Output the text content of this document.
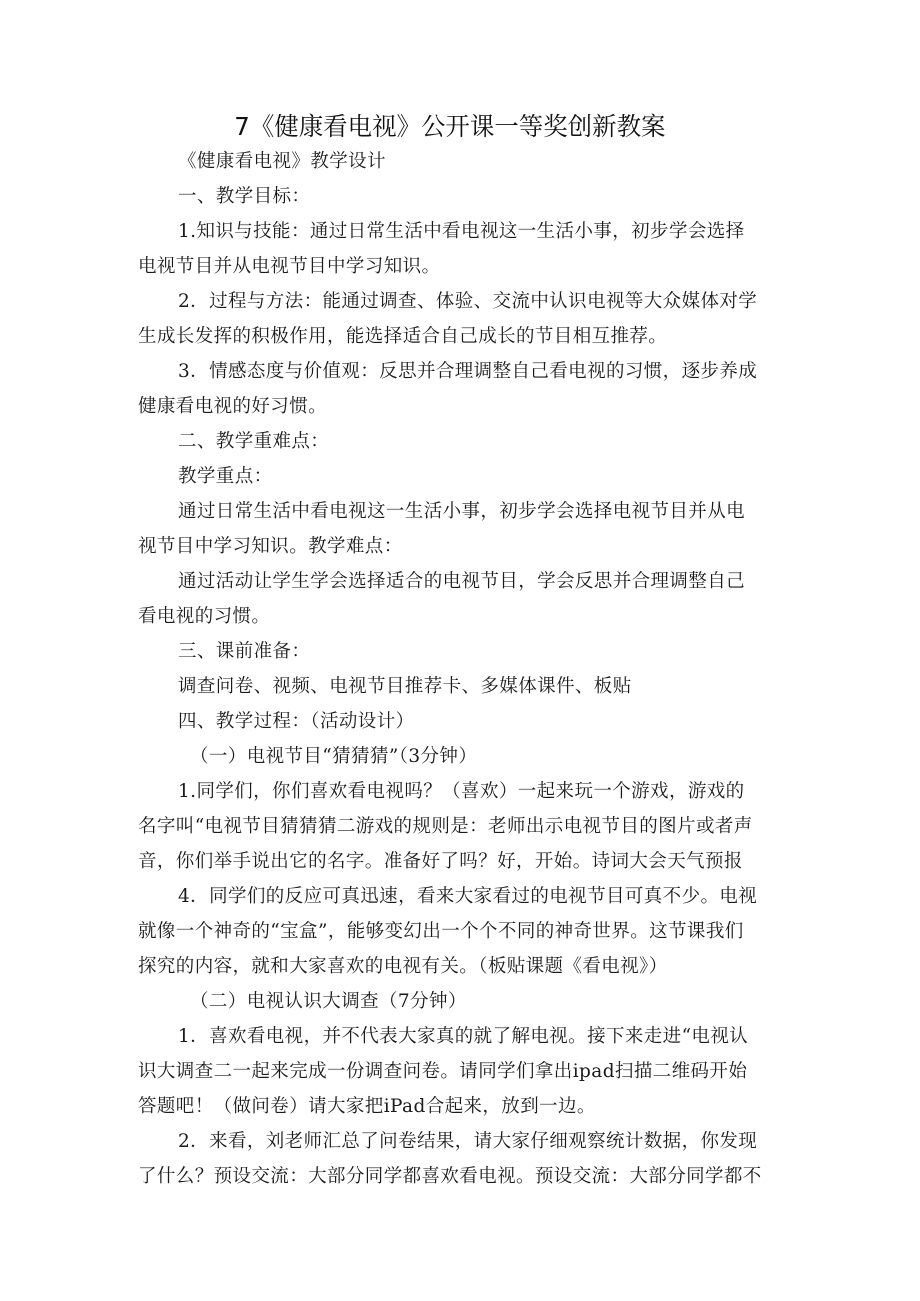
7《健康看电视》公开课一等奖创新教案
《健康看电视》教学设计
一、教学目标：
1.知识与技能：通过日常生活中看电视这一生活小事，初步学会选择
电视节目并从电视节目中学习知识。
2．过程与方法：能通过调查、体验、交流中认识电视等大众媒体对学
生成长发挥的积极作用，能选择适合自己成长的节目相互推荐。
3．情感态度与价值观：反思并合理调整自己看电视的习惯，逐步养成
健康看电视的好习惯。
二、教学重难点：
教学重点：
通过日常生活中看电视这一生活小事，初步学会选择电视节目并从电
视节目中学习知识。教学难点：
通过活动让学生学会选择适合的电视节目，学会反思并合理调整自己
看电视的习惯。
三、课前准备：
调查问卷、视频、电视节目推荐卡、多媒体课件、板贴
四、教学过程：（活动设计）
（一）电视节目“猜猜猜”（3分钟）
1.同学们，你们喜欢看电视吗？（喜欢）一起来玩一个游戏，游戏的
名字叫“电视节目猜猜猜二游戏的规则是：老师出示电视节目的图片或者声
音，你们举手说出它的名字。准备好了吗？好，开始。诗词大会天气预报
4．同学们的反应可真迅速，看来大家看过的电视节目可真不少。电视
就像一个神奇的“宝盒”，能够变幻出一个个不同的神奇世界。这节课我们
探究的内容，就和大家喜欢的电视有关。（板贴课题《看电视》）
（二）电视认识大调查（7分钟）
1．喜欢看电视，并不代表大家真的就了解电视。接下来走进“电视认
识大调查二一起来完成一份调查问卷。请同学们拿出ipad扫描二维码开始
答题吧！（做问卷）请大家把iPad合起来，放到一边。
2．来看，刘老师汇总了问卷结果，请大家仔细观察统计数据，你发现
了什么？预设交流：大部分同学都喜欢看电视。预设交流：大部分同学都不
